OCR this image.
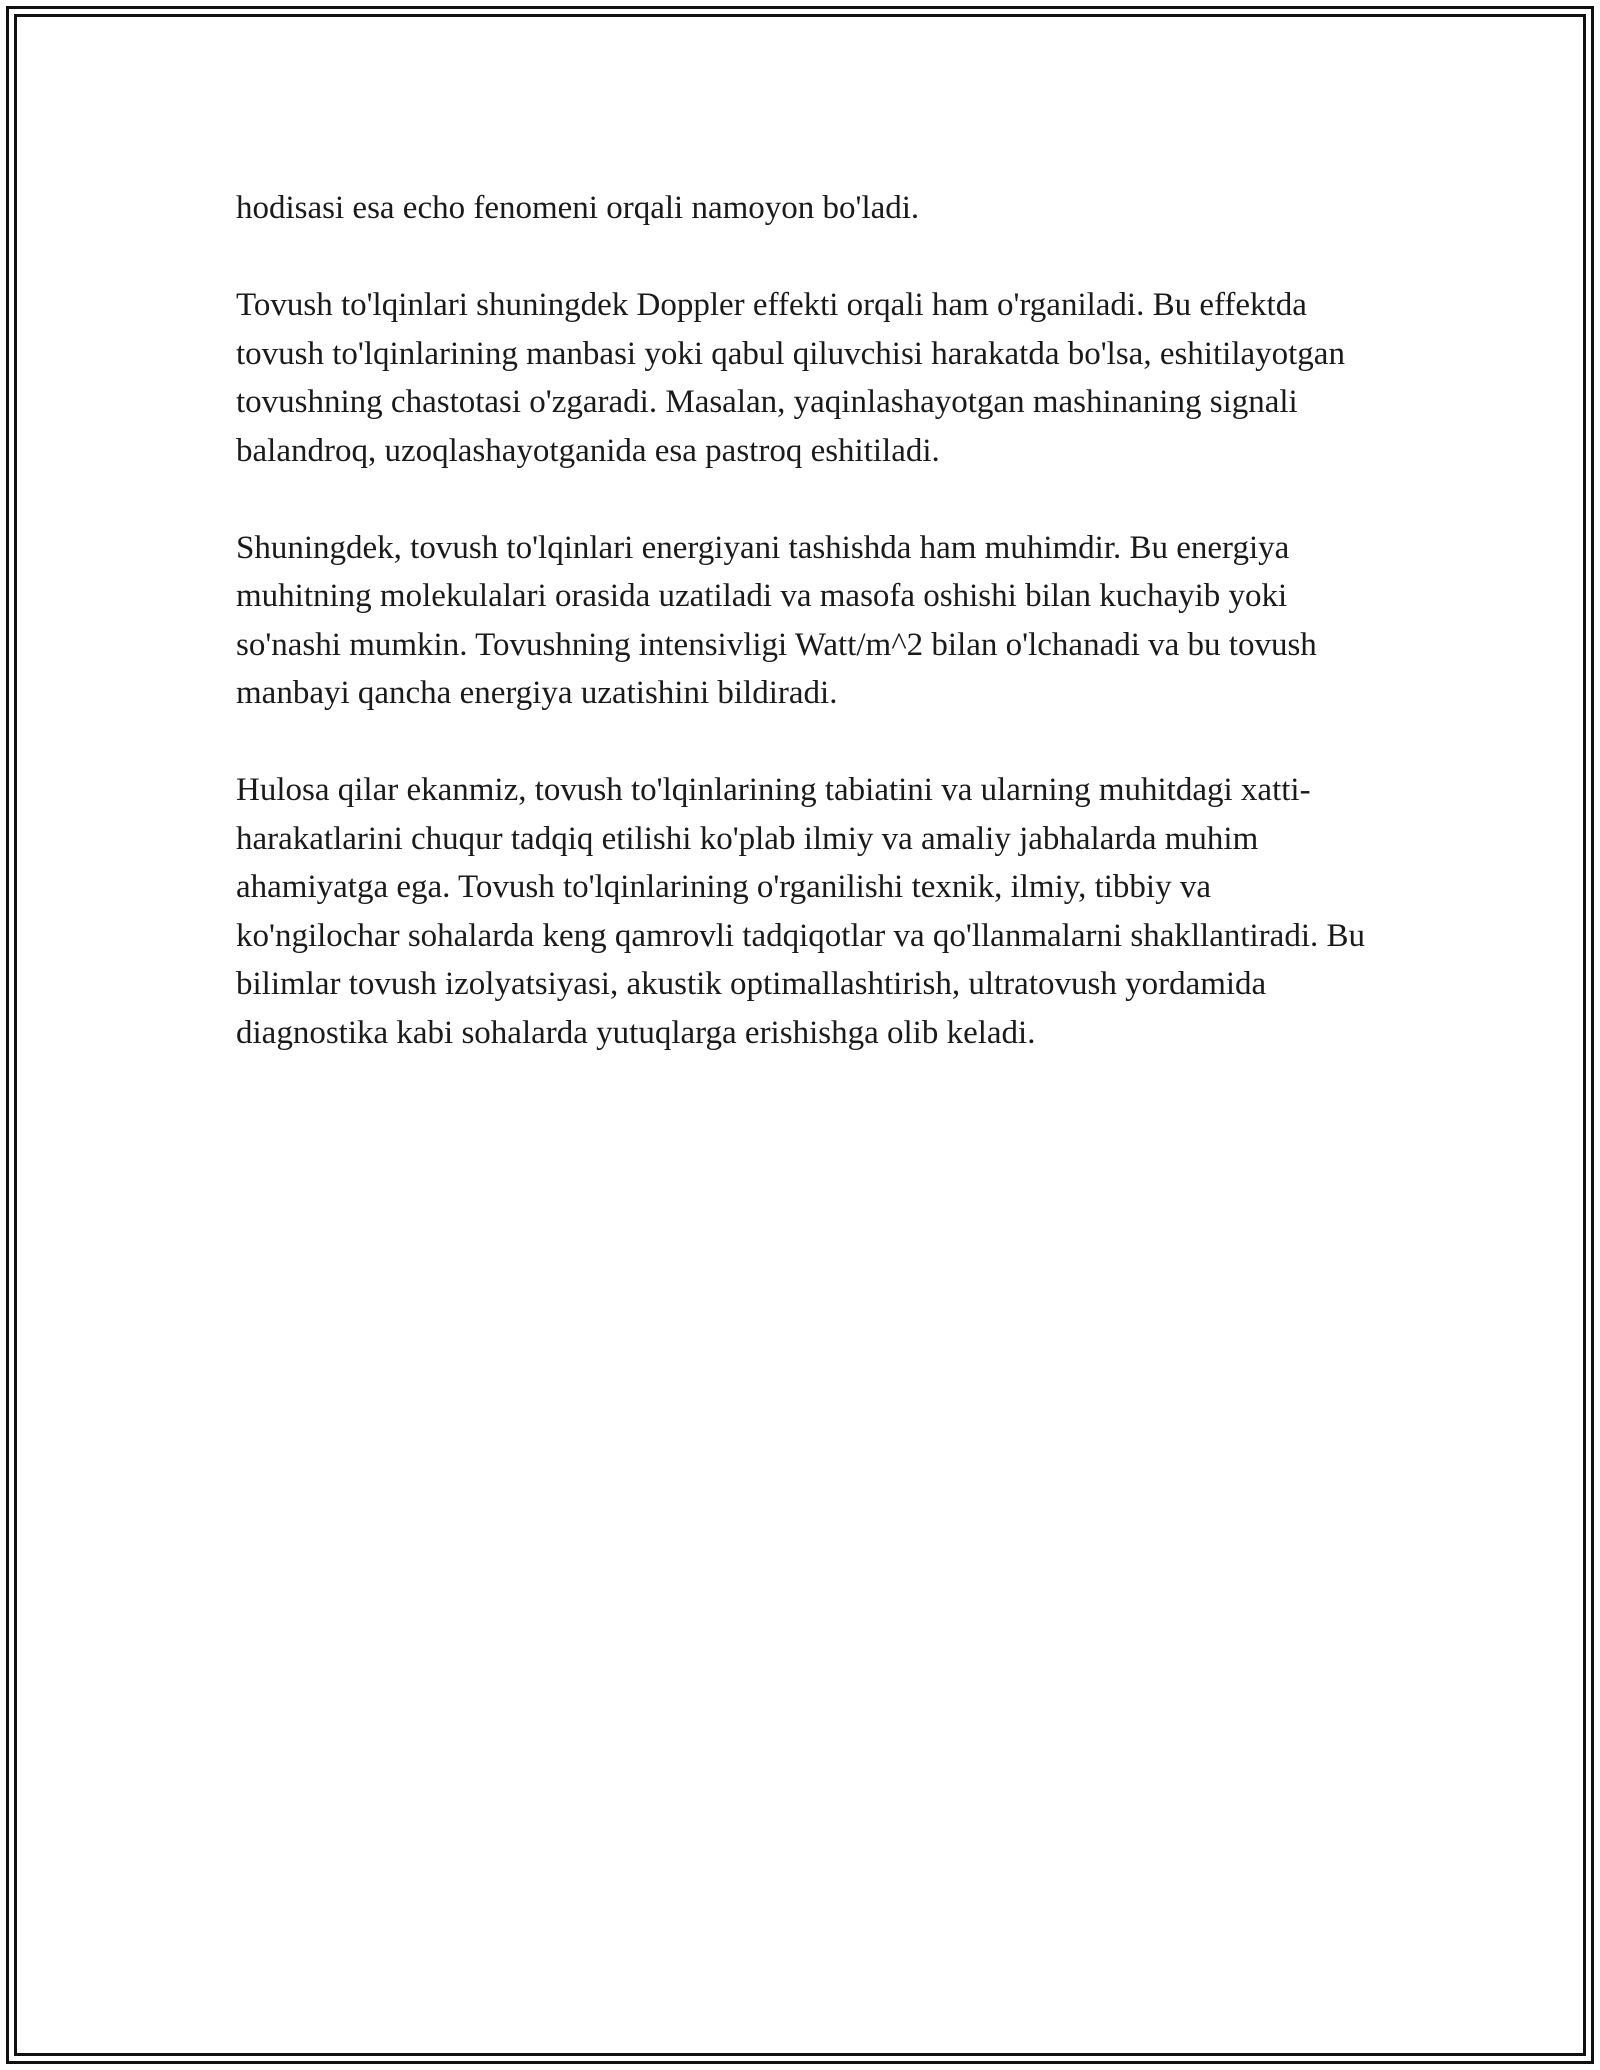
hodisasi esa echo fenomeni orqali namoyon bo'ladi.

Tovush to'lqinlari shuningdek Doppler effekti orqali ham o'rganiladi. Bu effektda tovush to'lqinlarining manbasi yoki qabul qiluvchisi harakatda bo'lsa, eshitilayotgan tovushning chastotasi o'zgaradi. Masalan, yaqinlashayotgan mashinaning signali balandroq, uzoqlashayotganida esa pastroq eshitiladi.

Shuningdek, tovush to'lqinlari energiyani tashishda ham muhimdir. Bu energiya muhitning molekulalari orasida uzatiladi va masofa oshishi bilan kuchayib yoki so'nashi mumkin. Tovushning intensivligi Watt/m^2 bilan o'lchanadi va bu tovush manbayi qancha energiya uzatishini bildiradi.

Hulosa qilar ekanmiz, tovush to'lqinlarining tabiatini va ularning muhitdagi xatti-harakatlarini chuqur tadqiq etilishi ko'plab ilmiy va amaliy jabhalarda muhim ahamiyatga ega. Tovush to'lqinlarining o'rganilishi texnik, ilmiy, tibbiy va ko'ngilochar sohalarda keng qamrovli tadqiqotlar va qo'llanmalarni shakllantiradi. Bu bilimlar tovush izolyatsiyasi, akustik optimallashtirish, ultratovush yordamida diagnostika kabi sohalarda yutuqlarga erishishga olib keladi.
